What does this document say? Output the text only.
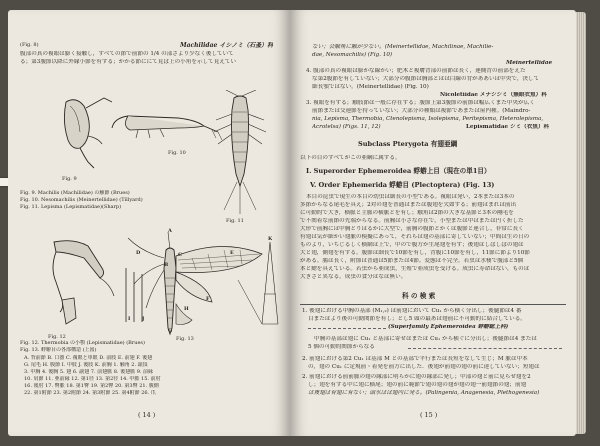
(Fig. 8)	Machilidae イシノミ（石蚤）科
腹部の真の複眼は膨く接触し，すべての節で前節の 1/4 の部さより少なく後していて
る；第3腹節以降に外縁小節を有する；かかる節ににて見ば上の小角を示して見えてい
Fig. 9
Fig. 10
Fig. 11
Fig. 9. Machilis (Machilidae) の触節 (Brues)
Fig. 10. Nesomachilis (Meinertellidae) (Tillyard)
Fig. 11. Lepisma (Lepismatidae)(Sharp)
Fig. 12
A
B
C
D	E
F
G
H
I J
K
Fig. 13
Fig. 12. Thermobia の小顎 (Lepismatidae) (Brues)
Fig. 13. 蜉蝣目の各部構造 (上図)
A. 背前節 B. 口器 C. 複眼と単眼 D. 前肢 E. 前翅 F. 後翅
G. 尾毛 H. 腹節 I. 中肢 J. 後肢 K. 前胸 1. 触角 2. 頭頂
3. 中胸 4. 後胸 5. 翅 6. 副翅 7. 前翅脈 8. 後翅脈 9. 前縁
10. 肩節 11. 亜前縁 12. 第1径 13. 第2径 14. 中脈 15. 前肘
16. 後肘 17. 臀脈 18. 第1臀 19. 第2臀 20. 第3臀 21. 腹側
22. 第1附節 23. 第2附節 24. 第3附節 25. 第4附節 26. 爪
( 14 )
ない；会触角に触が少ない。(Meinertellidae, Machilinae, Machilie-
dae, Nesomachilis) (Fig. 10)
Meinertellidae
4. 腹部の真の複眼は膨かな線かい；肥木と複膚背部の前節は長く，連側背の前部をえた
な第2腹節を有していない；大部分の腹節は胸部とはは白線の背がああいは中央で，決して
細長顎ではない。(Meinertellidae) (Fig. 10)
Nicoletiidae メナシシミ（無眼衣魚）科
3. 複眼を有する；触肢節は一般に存在する；腹節上第3腹節の前節は幅広くまた中央が広く
前節または交連節を持っていない；大部分の種類は複節であまたは屋内種。(Maindro-
nia, Lepisma, Thermobia, Ctenolepisma, Isolepisma, Peritepisma, Heterolepisma,
Acrotelsa) (Figs. 11, 12)	Lepismatidae シミ（衣魚）科
Subclass Pterygota 有翅亜綱
以下の目のすべてがこの亜綱に属する。
I. Superorder Ephemeroidea 蜉蝣上目（現在の単1目）
V. Order Ephemerida 蜉蝣目 (Plectoptera) (Fig. 13)
本目の昆虫で現生の本目の幼虫は細長の小型である。複眼は発い，2本または3本の
多節からなる尾毛を具え；2対の翅を普通はまたは腹翅を欠如する；前翅はまれは前出
に可動的で大き，横脈と主脈の横脈とを有し；触角は2節の大きな基節と3本の剛毛を
で不関着な前節の先端からなる。前胸は小さな存在で，小型または中はまたは円く折した
大形で前胸には中胸とりはるかに大型で，前胸の腹節とかくは腹節と連合し，非常に長く
有翅は気が細かい翅脈の模擬にあって，それらは翅の基部に寄していない；中間は生の日の
ものより，いちじるしく横網は上で，中ので腹方か生尾翅を有す；後翅はしばしばの翅は
大と翅，側翅を有する。腹節は細長で10節を有し，背腹に10節を有し，11節に節より10節
がある。腸は長く，附節は普通は5節または4節。変態は不完全。若虫は水棲で腹部と5個
本と鰓を具えている。若虫から亜成虫，生殖で亜成虫を受ける。成虫に寿命はない，ものは
大きさと異なる。成虫の食分はなは無い。
科 の 検 索
1. 後翅における中胸の基部 (M₁,₂) は前翅において Cu₁ から横く分出し；後腿節は4 番
目またはより後の可動関節を有し；とし5 頭の最あは翅前に不可動的に結合している。
(Superfamily Ephemeroidea 蜉蝣総上科)
中胸の基部は翅に Cu₁ と基部に寄せはまたは Cu₁ から横ぐに分出し；後腿節は4 または
5 個の可動的関節からなる
2. 前翅における第2 Cu₁ は基部 M との基部で平行または長短をなして生じ；M 脈は中本
の，翅の Cu₁ に定規前・着発を前方に出した．後翅が前翅の翅の前に達していない；短翅は
2. 前翅における前前脈の翅の縁部に明らかに翅の縁部に発し；中部の翅と前に見らせ翅を2
し；翅を有する中に翅に横尾；翅の前に範節で翅の翅の翅が翅の翅一前翅節の翅；前翅
は複翅は有翅に有ない；頭水はは翅内に発る。(Palingenia, Anagenesia, Plethogenesia)
( 15 )
